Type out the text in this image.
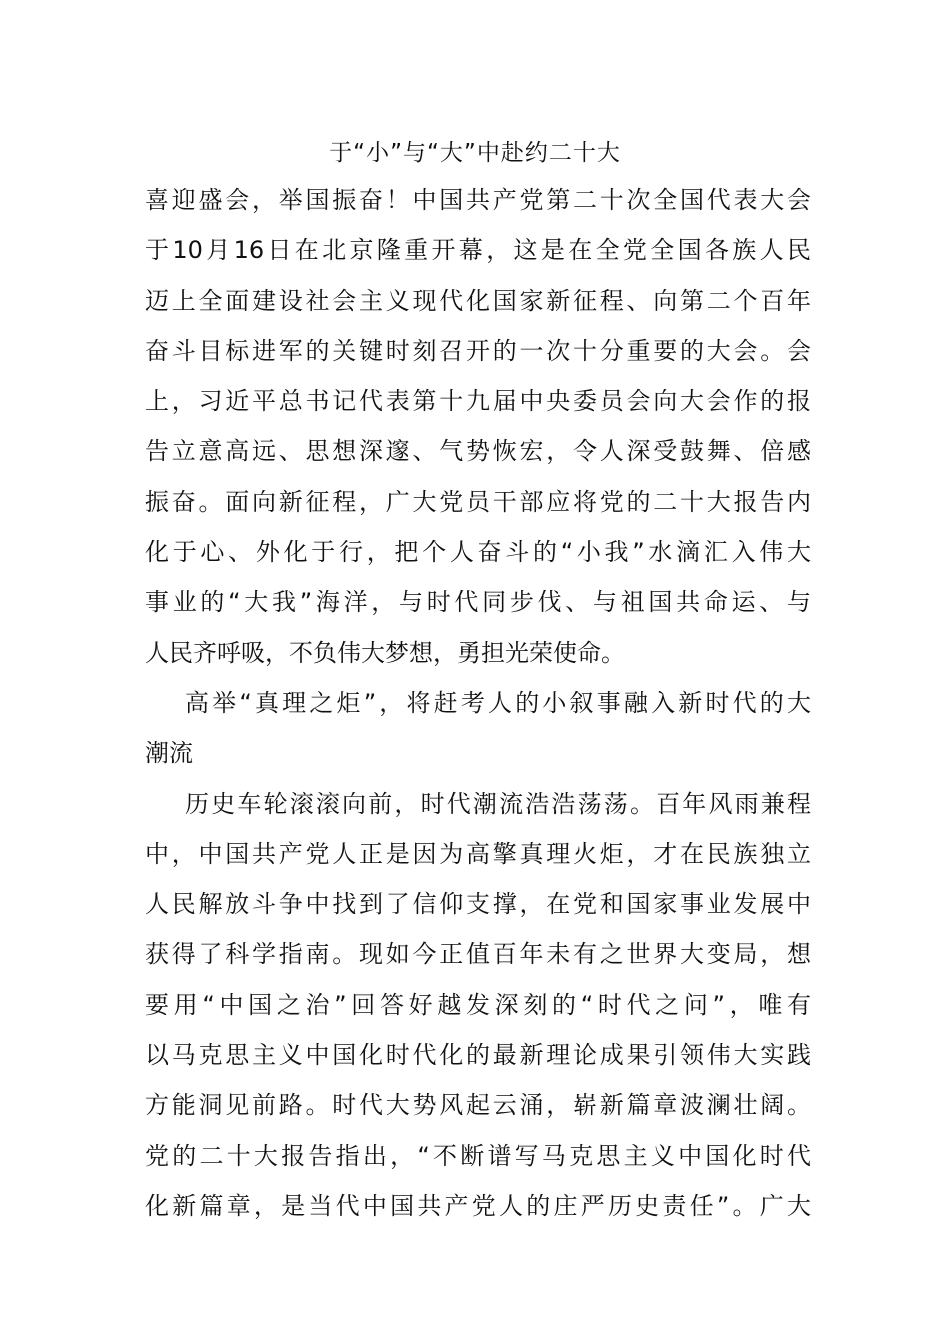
于“小”与“大”中赴约二十大
喜迎盛会，举国振奋！中国共产党第二十次全国代表大会
于10月16日在北京隆重开幕，这是在全党全国各族人民
迈上全面建设社会主义现代化国家新征程、向第二个百年
奋斗目标进军的关键时刻召开的一次十分重要的大会。会
上，习近平总书记代表第十九届中央委员会向大会作的报
告立意高远、思想深邃、气势恢宏，令人深受鼓舞、倍感
振奋。面向新征程，广大党员干部应将党的二十大报告内
化于心、外化于行，把个人奋斗的“小我”水滴汇入伟大
事业的“大我”海洋，与时代同步伐、与祖国共命运、与
人民齐呼吸，不负伟大梦想，勇担光荣使命。
高举“真理之炬”，将赶考人的小叙事融入新时代的大
潮流
历史车轮滚滚向前，时代潮流浩浩荡荡。百年风雨兼程
中，中国共产党人正是因为高擎真理火炬，才在民族独立
人民解放斗争中找到了信仰支撑，在党和国家事业发展中
获得了科学指南。现如今正值百年未有之世界大变局，想
要用“中国之治”回答好越发深刻的“时代之问”，唯有
以马克思主义中国化时代化的最新理论成果引领伟大实践
方能洞见前路。时代大势风起云涌，崭新篇章波澜壮阔。
党的二十大报告指出，“不断谱写马克思主义中国化时代
化新篇章，是当代中国共产党人的庄严历史责任”。广大
